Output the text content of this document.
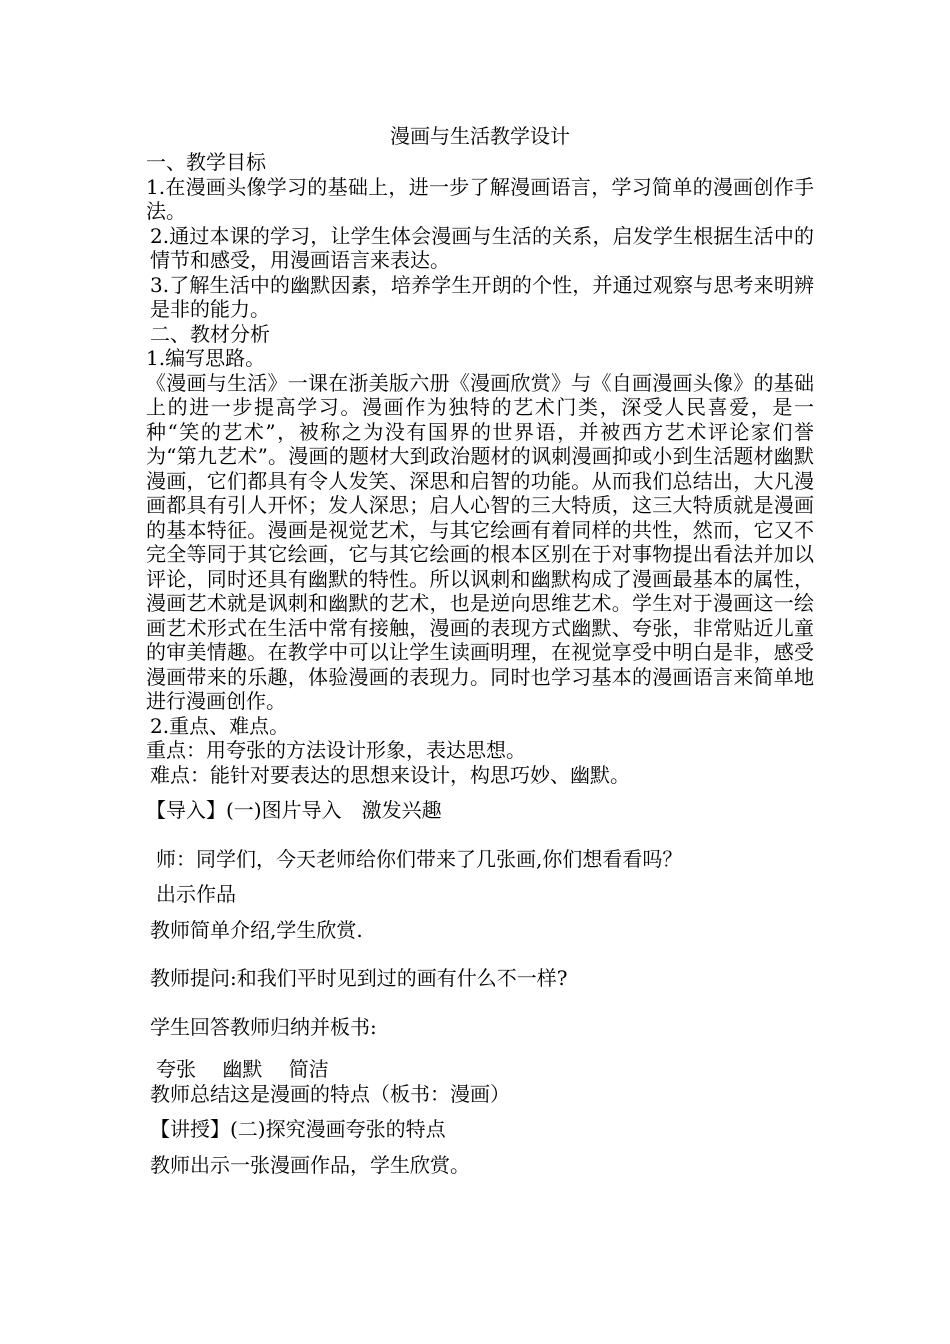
漫画与生活教学设计

一、教学目标

1.在漫画头像学习的基础上，进一步了解漫画语言，学习简单的漫画创作手法。

2.通过本课的学习，让学生体会漫画与生活的关系，启发学生根据生活中的情节和感受，用漫画语言来表达。

3.了解生活中的幽默因素，培养学生开朗的个性，并通过观察与思考来明辨是非的能力。

二、教材分析

1.编写思路。

《漫画与生活》一课在浙美版六册《漫画欣赏》与《自画漫画头像》的基础上的进一步提高学习。漫画作为独特的艺术门类，深受人民喜爱，是一种“笑的艺术”，被称之为没有国界的世界语，并被西方艺术评论家们誉为“第九艺术”。漫画的题材大到政治题材的讽刺漫画抑或小到生活题材幽默漫画，它们都具有令人发笑、深思和启智的功能。从而我们总结出，大凡漫画都具有引人开怀；发人深思；启人心智的三大特质，这三大特质就是漫画的基本特征。漫画是视觉艺术，与其它绘画有着同样的共性，然而，它又不完全等同于其它绘画，它与其它绘画的根本区别在于对事物提出看法并加以评论，同时还具有幽默的特性。所以讽刺和幽默构成了漫画最基本的属性，漫画艺术就是讽刺和幽默的艺术，也是逆向思维艺术。学生对于漫画这一绘画艺术形式在生活中常有接触，漫画的表现方式幽默、夸张，非常贴近儿童的审美情趣。在教学中可以让学生读画明理，在视觉享受中明白是非，感受漫画带来的乐趣，体验漫画的表现力。同时也学习基本的漫画语言来简单地进行漫画创作。

2.重点、难点。

重点：用夸张的方法设计形象，表达思想。

难点：能针对要表达的思想来设计，构思巧妙、幽默。

【导入】(一)图片导入　激发兴趣

师：同学们，今天老师给你们带来了几张画,你们想看看吗？

出示作品

教师简单介绍,学生欣赏.

教师提问:和我们平时见到过的画有什么不一样?

学生回答教师归纳并板书:

夸张　 幽默 　简洁

教师总结这是漫画的特点（板书：漫画）

【讲授】(二)探究漫画夸张的特点

教师出示一张漫画作品，学生欣赏。
